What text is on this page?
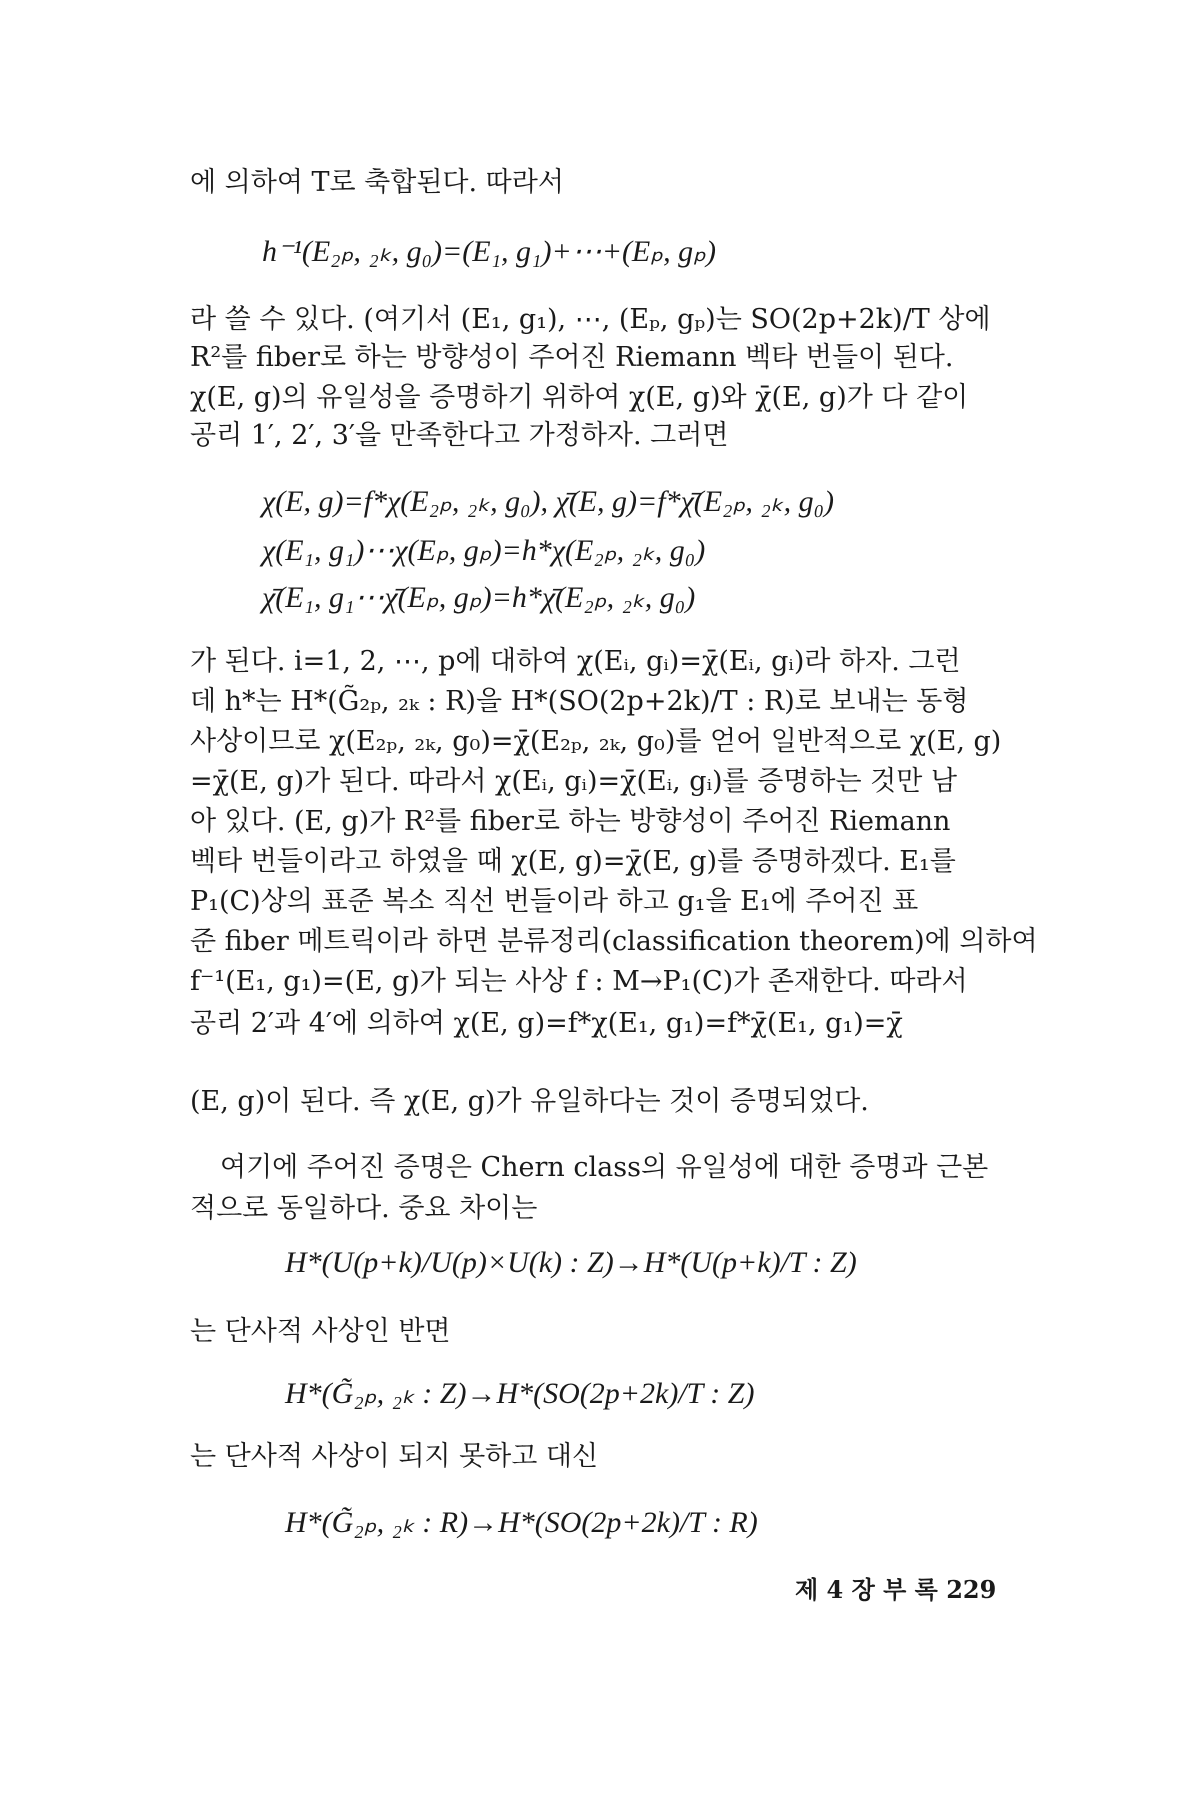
에 의하여 T로 축합된다. 따라서
h⁻¹(E₂ₚ, ₂ₖ, g₀)=(E₁, g₁)+⋯+(Eₚ, gₚ)
라 쓸 수 있다. (여기서 (E₁, g₁), ⋯, (Eₚ, gₚ)는 SO(2p+2k)/T 상에
R²를 fiber로 하는 방향성이 주어진 Riemann 벡타 번들이 된다.
χ(E, g)의 유일성을 증명하기 위하여 χ(E, g)와 χ̄(E, g)가 다 같이
공리 1′, 2′, 3′을 만족한다고 가정하자. 그러면
χ(E, g)=f*χ(E₂ₚ, ₂ₖ, g₀), χ̄(E, g)=f*χ̄(E₂ₚ, ₂ₖ, g₀)
χ(E₁, g₁)⋯χ(Eₚ, gₚ)=h*χ(E₂ₚ, ₂ₖ, g₀)
χ̄(E₁, g₁⋯χ̄(Eₚ, gₚ)=h*χ̄(E₂ₚ, ₂ₖ, g₀)
가 된다. i=1, 2, ⋯, p에 대하여 χ(Eᵢ, gᵢ)=χ̄(Eᵢ, gᵢ)라 하자. 그런
데 h*는 H*(G̃₂ₚ, ₂ₖ : R)을 H*(SO(2p+2k)/T : R)로 보내는 동형
사상이므로 χ(E₂ₚ, ₂ₖ, g₀)=χ̄(E₂ₚ, ₂ₖ, g₀)를 얻어 일반적으로 χ(E, g)
=χ̄(E, g)가 된다. 따라서 χ(Eᵢ, gᵢ)=χ̄(Eᵢ, gᵢ)를 증명하는 것만 남
아 있다. (E, g)가 R²를 fiber로 하는 방향성이 주어진 Riemann
벡타 번들이라고 하였을 때 χ(E, g)=χ̄(E, g)를 증명하겠다. E₁를
P₁(C)상의 표준 복소 직선 번들이라 하고 g₁을 E₁에 주어진 표
준 fiber 메트릭이라 하면 분류정리(classification theorem)에 의하여
f⁻¹(E₁, g₁)=(E, g)가 되는 사상 f : M→P₁(C)가 존재한다. 따라서
공리 2′과 4′에 의하여 χ(E, g)=f*χ(E₁, g₁)=f*χ̄(E₁, g₁)=χ̄
(E, g)이 된다. 즉 χ(E, g)가 유일하다는 것이 증명되었다.
여기에 주어진 증명은 Chern class의 유일성에 대한 증명과 근본
적으로 동일하다. 중요 차이는
H*(U(p+k)/U(p)×U(k) : Z)→H*(U(p+k)/T : Z)
는 단사적 사상인 반면
H*(G̃₂ₚ, ₂ₖ : Z)→H*(SO(2p+2k)/T : Z)
는 단사적 사상이 되지 못하고 대신
H*(G̃₂ₚ, ₂ₖ : R)→H*(SO(2p+2k)/T : R)
제 4 장 부 록 229
